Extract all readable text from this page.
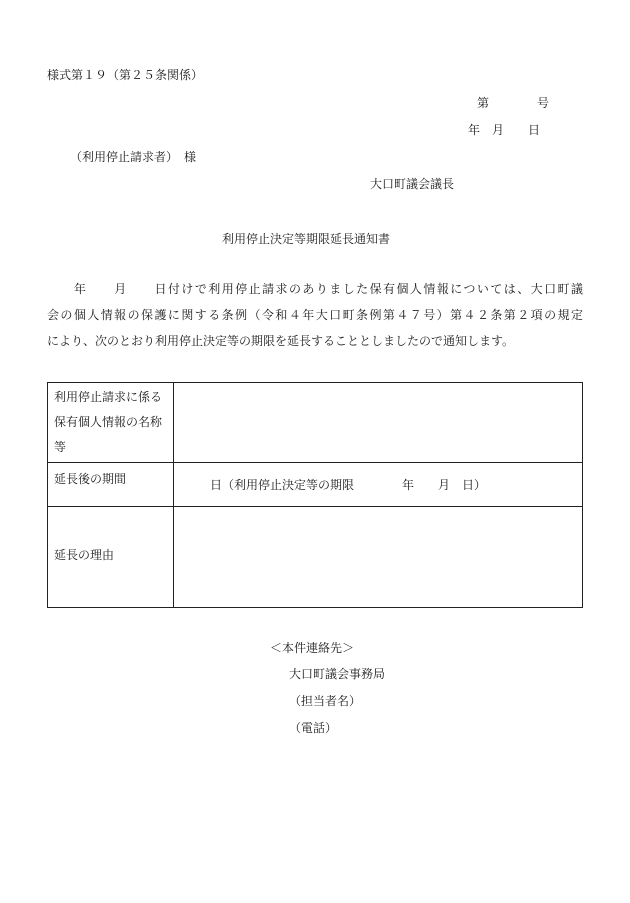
様式第１９（第２５条関係）
第　　　　号
年　月　　日
（利用停止請求者）　様
大口町議会議長
利用停止決定等期限延長通知書
　　年　　月　　日付けで利用停止請求のありました保有個人情報については、大口町議
会の個人情報の保護に関する条例（令和４年大口町条例第４７号）第４２条第２項の規定
により、次のとおり利用停止決定等の期限を延長することとしましたので通知します。
利用停止請求に係る保有個人情報の名称等
延長後の期間	日（利用停止決定等の期限　　　　年　　月　日）
延長の理由
＜本件連絡先＞
大口町議会事務局
（担当者名）
（電話）
